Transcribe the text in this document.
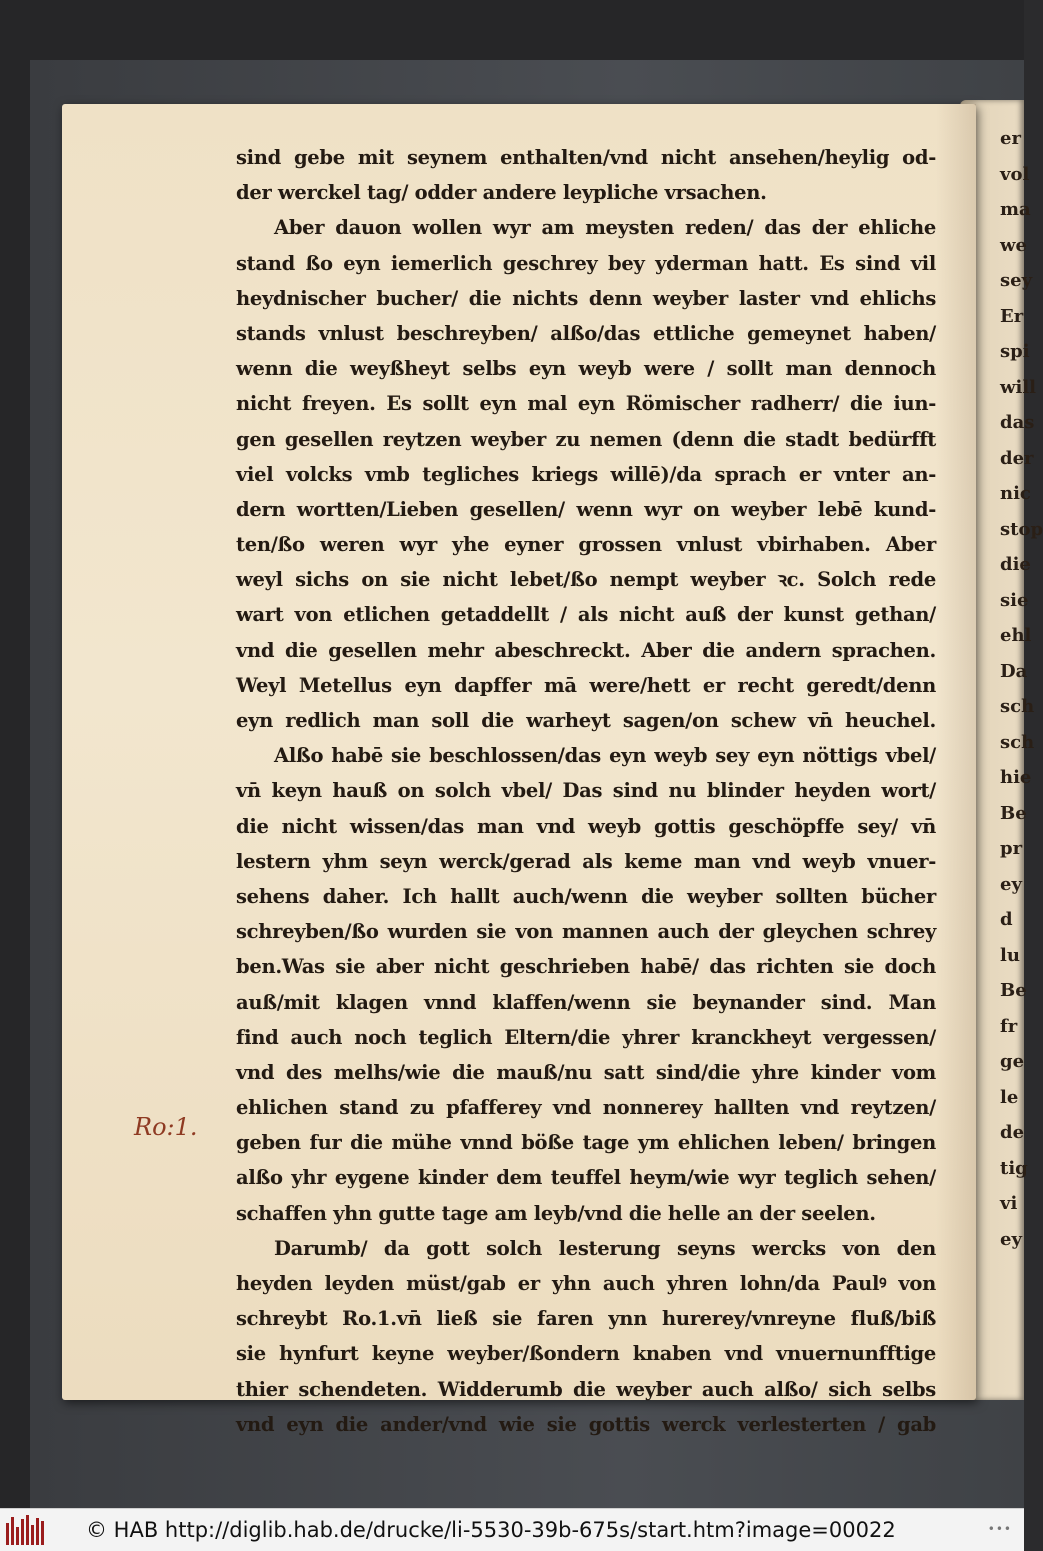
er
vol
ma
we
sey
Er
spi
will
das
der
nic
stop
die
sie
ehl
Da
sch
sch
hie
Be
pr
ey
d
lu
Be
fr
ge
le
de
tig
vi
ey
sind gebe mit seynem enthalten/vnd nicht ansehen/heylig od-
der werckel tag/ odder andere leypliche vrsachen.
Aber dauon wollen wyr am meysten reden/ das der ehliche
stand ßo eyn iemerlich geschrey bey yderman hatt. Es sind vil
heydnischer bucher/ die nichts denn weyber laster vnd ehlichs
stands vnlust beschreyben/ alßo/das ettliche gemeynet haben/
wenn die weyßheyt selbs eyn weyb were / sollt man dennoch
nicht freyen. Es sollt eyn mal eyn Römischer radherr/ die iun-
gen gesellen reytzen weyber zu nemen (denn die stadt bedürfft
viel volcks vmb tegliches kriegs willē)/da sprach er vnter an-
dern wortten/Lieben gesellen/ wenn wyr on weyber lebē kund-
ten/ßo weren wyr yhe eyner grossen vnlust vbirhaben. Aber
weyl sichs on sie nicht lebet/ßo nempt weyber ꝛc. Solch rede
wart von etlichen getaddellt / als nicht auß der kunst gethan/
vnd die gesellen mehr abeschreckt. Aber die andern sprachen.
Weyl Metellus eyn dapffer mā were/hett er recht geredt/denn
eyn redlich man soll die warheyt sagen/on schew vn̄ heuchel.
Alßo habē sie beschlossen/das eyn weyb sey eyn nöttigs vbel/
vn̄ keyn hauß on solch vbel/ Das sind nu blinder heyden wort/
die nicht wissen/das man vnd weyb gottis geschöpffe sey/ vn̄
lestern yhm seyn werck/gerad als keme man vnd weyb vnuer-
sehens daher. Ich hallt auch/wenn die weyber sollten bücher
schreyben/ßo wurden sie von mannen auch der gleychen schrey
ben.Was sie aber nicht geschrieben habē/ das richten sie doch
auß/mit klagen vnnd klaffen/wenn sie beynander sind. Man
find auch noch teglich Eltern/die yhrer kranckheyt vergessen/
vnd des melhs/wie die mauß/nu satt sind/die yhre kinder vom
ehlichen stand zu pfafferey vnd nonnerey hallten vnd reytzen/
geben fur die mühe vnnd böße tage ym ehlichen leben/ bringen
alßo yhr eygene kinder dem teuffel heym/wie wyr teglich sehen/
schaffen yhn gutte tage am leyb/vnd die helle an der seelen.
Darumb/ da gott solch lesterung seyns wercks von den
heyden leyden müst/gab er yhn auch yhren lohn/da Paulꝰ von
schreybt Ro.1.vn̄ ließ sie faren ynn hurerey/vnreyne fluß/biß
sie hynfurt keyne weyber/ßondern knaben vnd vnuernunfftige
thier schendeten. Widderumb die weyber auch alßo/ sich selbs
vnd eyn die ander/vnd wie sie gottis werck verlesterten / gab
Ro:1.
© HAB http://diglib.hab.de/drucke/li-5530-39b-675s/start.htm?image=00022	•••
